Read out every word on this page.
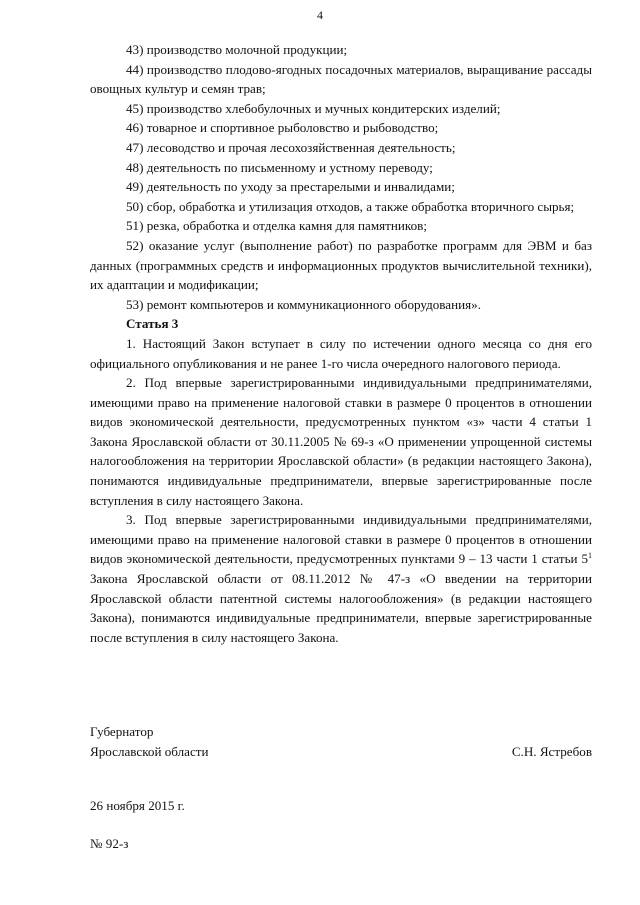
4

43) производство молочной продукции;

44) производство плодово-ягодных посадочных материалов, выращивание рассады овощных культур и семян трав;

45) производство хлебобулочных и мучных кондитерских изделий;

46) товарное и спортивное рыболовство и рыбоводство;

47) лесоводство и прочая лесохозяйственная деятельность;

48) деятельность по письменному и устному переводу;

49) деятельность по уходу за престарелыми и инвалидами;

50) сбор, обработка и утилизация отходов, а также обработка вторичного сырья;

51) резка, обработка и отделка камня для памятников;

52) оказание услуг (выполнение работ) по разработке программ для ЭВМ и баз данных (программных средств и информационных продуктов вычислительной техники), их адаптации и модификации;

53) ремонт компьютеров и коммуникационного оборудования».

Статья 3

1. Настоящий Закон вступает в силу по истечении одного месяца со дня его официального опубликования и не ранее 1-го числа очередного налогового периода.

2. Под впервые зарегистрированными индивидуальными предпринимателями, имеющими право на применение налоговой ставки в размере 0 процентов в отношении видов экономической деятельности, предусмотренных пунктом «з» части 4 статьи 1 Закона Ярославской области от 30.11.2005 № 69-з «О применении упрощенной системы налогообложения на территории Ярославской области» (в редакции настоящего Закона), понимаются индивидуальные предприниматели, впервые зарегистрированные после вступления в силу настоящего Закона.

3. Под впервые зарегистрированными индивидуальными предпринимателями, имеющими право на применение налоговой ставки в размере 0 процентов в отношении видов экономической деятельности, предусмотренных пунктами 9 – 13 части 1 статьи $5^1$ Закона Ярославской области от 08.11.2012 № 47-з «О введении на территории Ярославской области патентной системы налогообложения» (в редакции настоящего Закона), понимаются индивидуальные предприниматели, впервые зарегистрированные после вступления в силу настоящего Закона.

Губернатор
Ярославской области	С.Н. Ястребов
26 ноября 2015 г.
№ 92-з
